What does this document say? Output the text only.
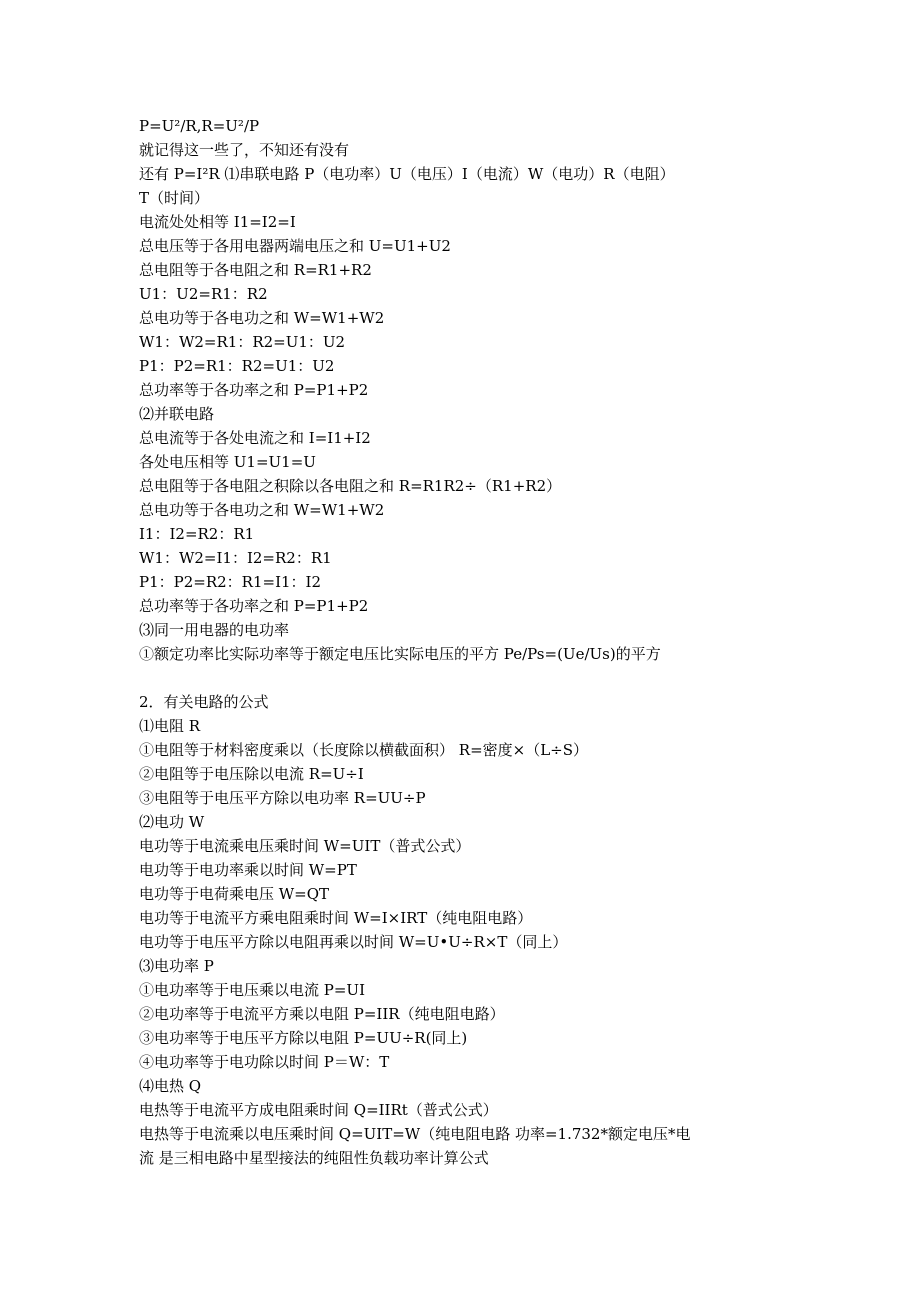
P=U²/R,R=U²/P
就记得这一些了，不知还有没有
还有 P=I²R ⑴串联电路 P（电功率）U（电压）I（电流）W（电功）R（电阻）
T（时间）
电流处处相等 I1=I2=I
总电压等于各用电器两端电压之和 U=U1+U2
总电阻等于各电阻之和 R=R1+R2
U1：U2=R1：R2
总电功等于各电功之和 W=W1+W2
W1：W2=R1：R2=U1：U2
P1：P2=R1：R2=U1：U2
总功率等于各功率之和 P=P1+P2
⑵并联电路
总电流等于各处电流之和 I=I1+I2
各处电压相等 U1=U1=U
总电阻等于各电阻之积除以各电阻之和 R=R1R2÷（R1+R2）
总电功等于各电功之和 W=W1+W2
I1：I2=R2：R1
W1：W2=I1：I2=R2：R1
P1：P2=R2：R1=I1：I2
总功率等于各功率之和 P=P1+P2
⑶同一用电器的电功率
①额定功率比实际功率等于额定电压比实际电压的平方 Pe/Ps=(Ue/Us)的平方
2．有关电路的公式
⑴电阻 R
①电阻等于材料密度乘以（长度除以横截面积） R=密度×（L÷S）
②电阻等于电压除以电流 R=U÷I
③电阻等于电压平方除以电功率 R=UU÷P
⑵电功 W
电功等于电流乘电压乘时间 W=UIT（普式公式）
电功等于电功率乘以时间 W=PT
电功等于电荷乘电压 W=QT
电功等于电流平方乘电阻乘时间 W=I×IRT（纯电阻电路）
电功等于电压平方除以电阻再乘以时间 W=U•U÷R×T（同上）
⑶电功率 P
①电功率等于电压乘以电流 P=UI
②电功率等于电流平方乘以电阻 P=IIR（纯电阻电路）
③电功率等于电压平方除以电阻 P=UU÷R(同上)
④电功率等于电功除以时间 P＝W：T
⑷电热 Q
电热等于电流平方成电阻乘时间 Q=IIRt（普式公式）
电热等于电流乘以电压乘时间 Q=UIT=W（纯电阻电路 功率=1.732*额定电压*电
流 是三相电路中星型接法的纯阻性负载功率计算公式
